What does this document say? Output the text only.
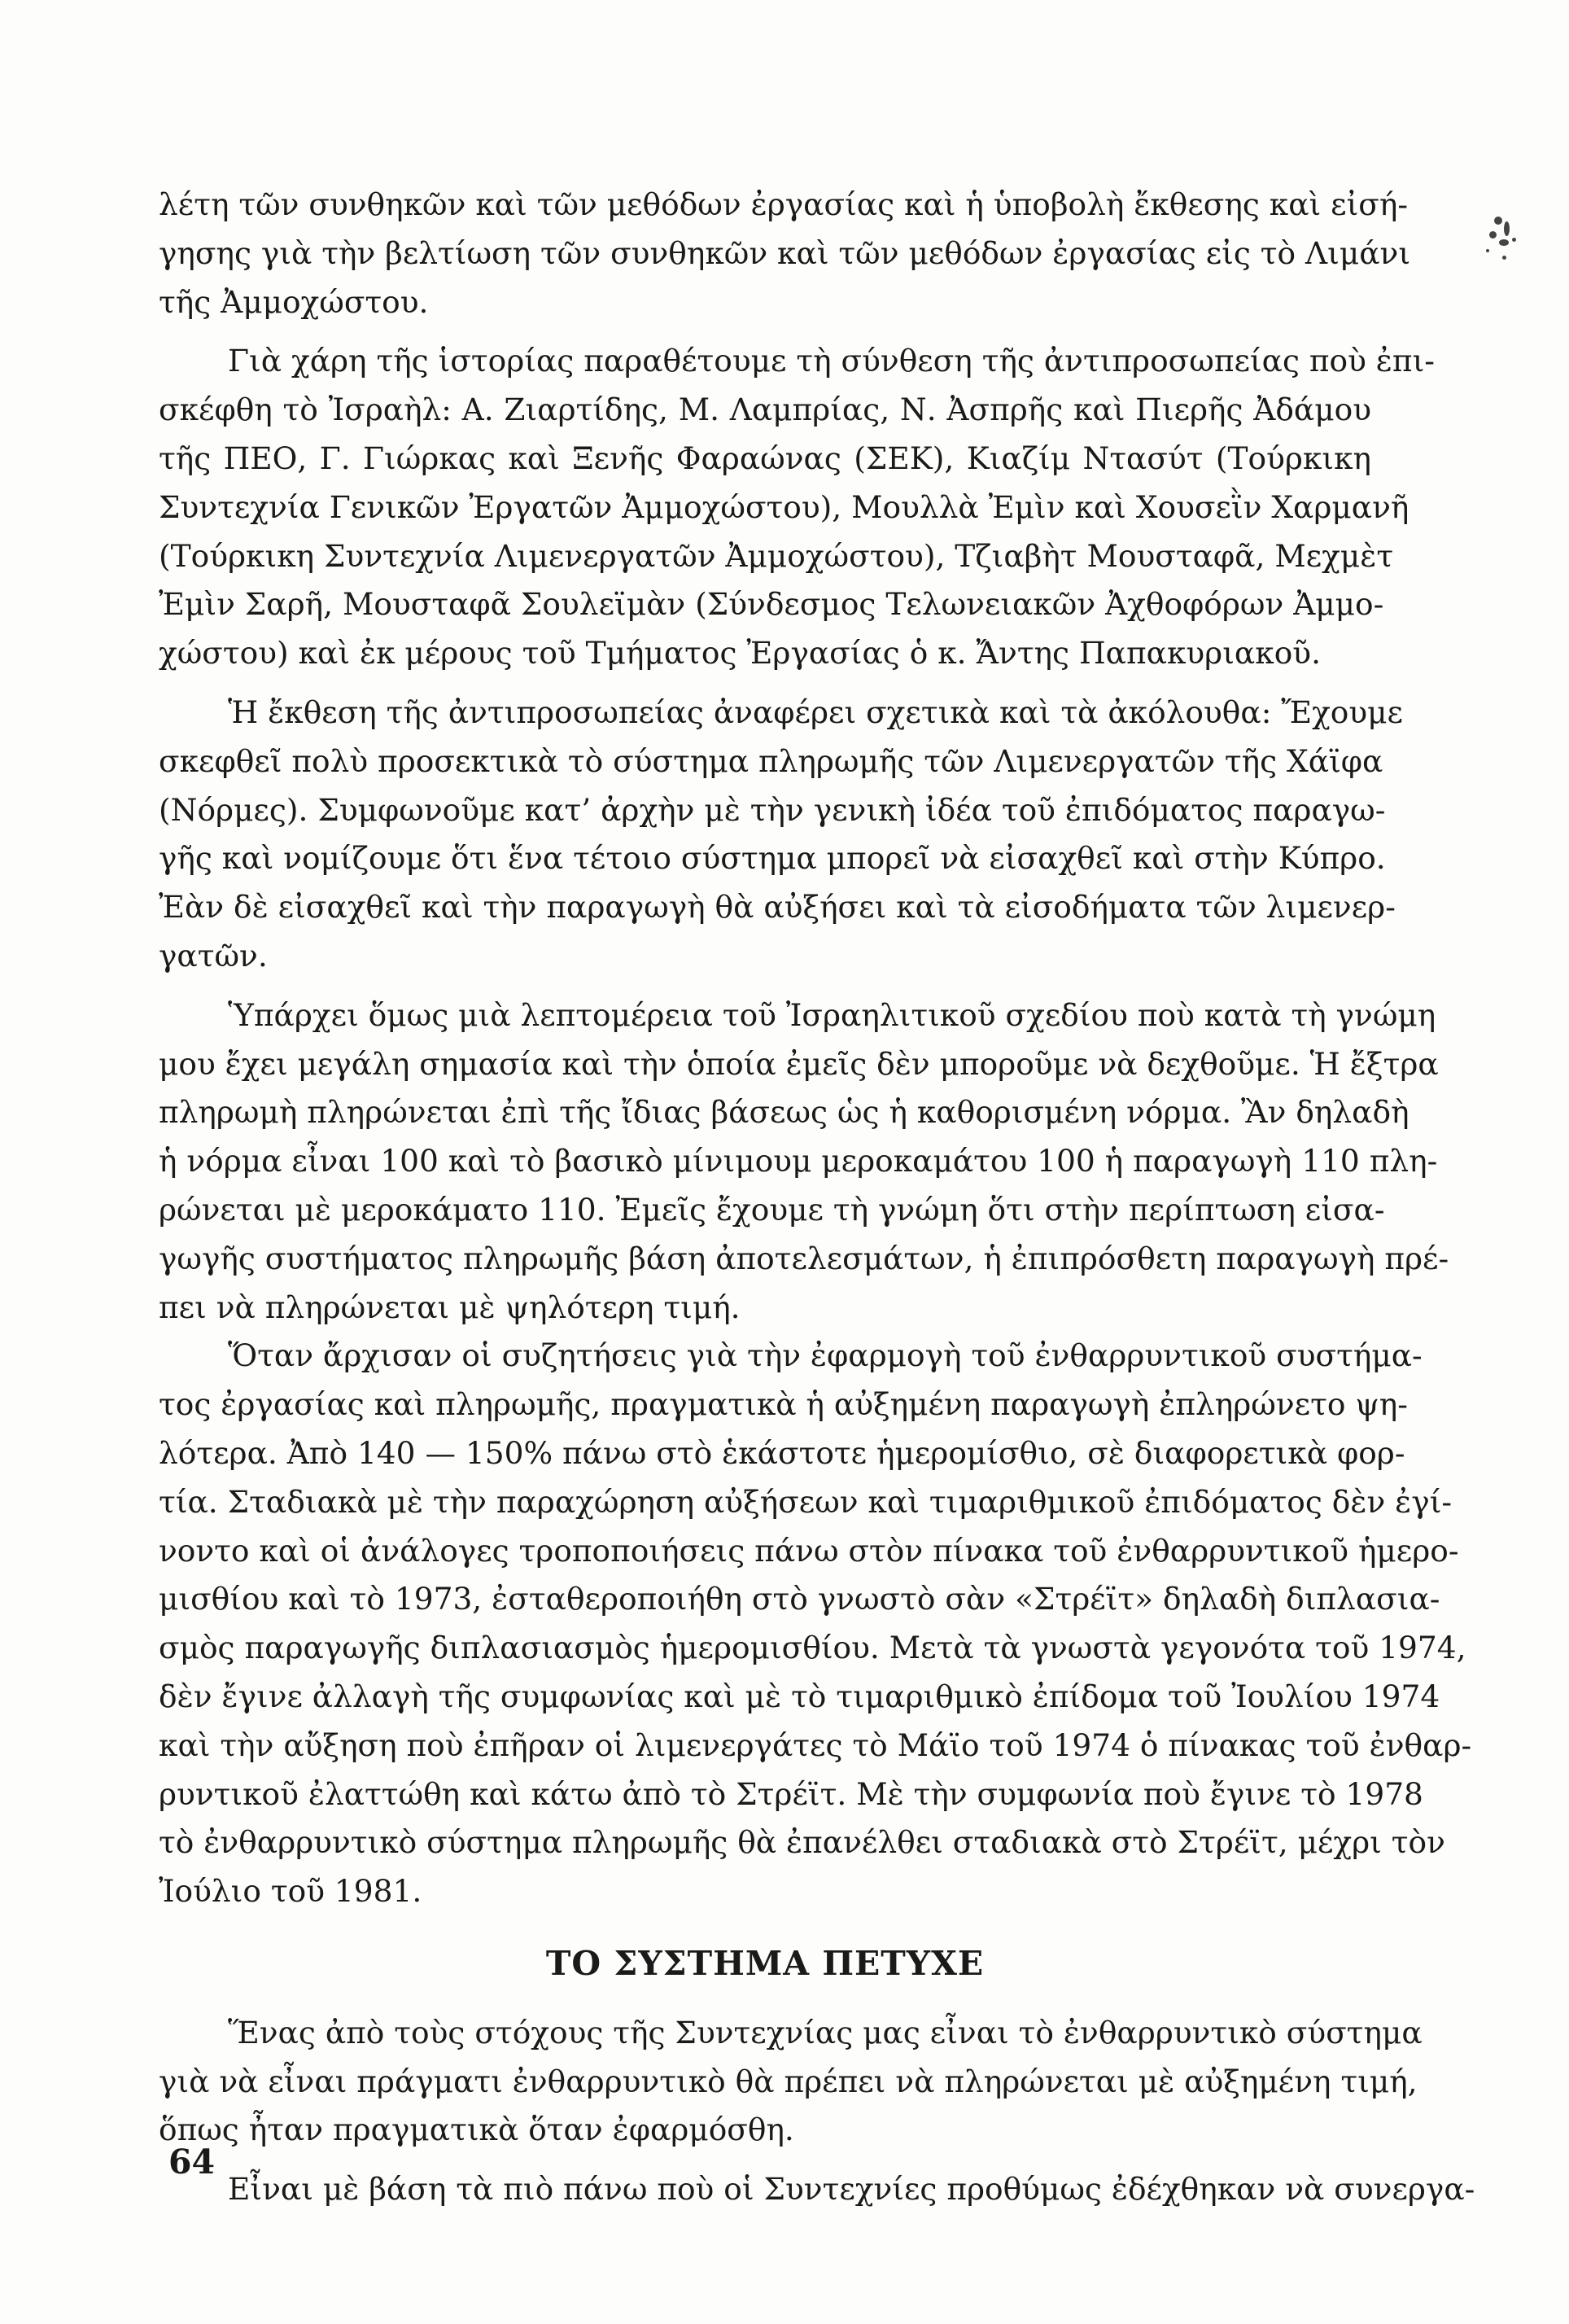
λέτη τῶν συνθηκῶν καὶ τῶν μεθόδων ἐργασίας καὶ ἡ ὑποβολὴ ἔκθεσης καὶ εἰσή-
γησης γιὰ τὴν βελτίωση τῶν συνθηκῶν καὶ τῶν μεθόδων ἐργασίας εἰς τὸ Λιμάνι
τῆς Ἀμμοχώστου.
Γιὰ χάρη τῆς ἱστορίας παραθέτουμε τὴ σύνθεση τῆς ἀντιπροσωπείας ποὺ ἐπι-
σκέφθη τὸ Ἰσραὴλ: Α. Ζιαρτίδης, Μ. Λαμπρίας, Ν. Ἀσπρῆς καὶ Πιερῆς Ἀδάμου
τῆς ΠΕΟ, Γ. Γιώρκας καὶ Ξενῆς Φαραώνας (ΣΕΚ), Κιαζίμ Ντασύτ (Τούρκικη
Συντεχνία Γενικῶν Ἐργατῶν Ἀμμοχώστου), Μουλλὰ Ἐμὶν καὶ Χουσεῒν Χαρμανῆ
(Τούρκικη Συντεχνία Λιμενεργατῶν Ἀμμοχώστου), Τζιαβὴτ Μουσταφᾶ, Μεχμὲτ
Ἐμὶν Σαρῆ, Μουσταφᾶ Σουλεϊμὰν (Σύνδεσμος Τελωνειακῶν Ἀχθοφόρων Ἀμμο-
χώστου) καὶ ἐκ μέρους τοῦ Τμήματος Ἐργασίας ὁ κ. Ἄντης Παπακυριακοῦ.
Ἡ ἔκθεση τῆς ἀντιπροσωπείας ἀναφέρει σχετικὰ καὶ τὰ ἀκόλουθα: Ἔχουμε
σκεφθεῖ πολὺ προσεκτικὰ τὸ σύστημα πληρωμῆς τῶν Λιμενεργατῶν τῆς Χάϊφα
(Νόρμες). Συμφωνοῦμε κατ’ ἀρχὴν μὲ τὴν γενικὴ ἰδέα τοῦ ἐπιδόματος παραγω-
γῆς καὶ νομίζουμε ὅτι ἕνα τέτοιο σύστημα μπορεῖ νὰ εἰσαχθεῖ καὶ στὴν Κύπρο.
Ἐὰν δὲ εἰσαχθεῖ καὶ τὴν παραγωγὴ θὰ αὐξήσει καὶ τὰ εἰσοδήματα τῶν λιμενερ-
γατῶν.
Ὑπάρχει ὅμως μιὰ λεπτομέρεια τοῦ Ἰσραηλιτικοῦ σχεδίου ποὺ κατὰ τὴ γνώμη
μου ἔχει μεγάλη σημασία καὶ τὴν ὁποία ἐμεῖς δὲν μποροῦμε νὰ δεχθοῦμε. Ἡ ἔξτρα
πληρωμὴ πληρώνεται ἐπὶ τῆς ἴδιας βάσεως ὡς ἡ καθορισμένη νόρμα. Ἂν δηλαδὴ
ἡ νόρμα εἶναι 100 καὶ τὸ βασικὸ μίνιμουμ μεροκαμάτου 100 ἡ παραγωγὴ 110 πλη-
ρώνεται μὲ μεροκάματο 110. Ἐμεῖς ἔχουμε τὴ γνώμη ὅτι στὴν περίπτωση εἰσα-
γωγῆς συστήματος πληρωμῆς βάση ἀποτελεσμάτων, ἡ ἐπιπρόσθετη παραγωγὴ πρέ-
πει νὰ πληρώνεται μὲ ψηλότερη τιμή.
Ὅταν ἄρχισαν οἱ συζητήσεις γιὰ τὴν ἐφαρμογὴ τοῦ ἐνθαρρυντικοῦ συστήμα-
τος ἐργασίας καὶ πληρωμῆς, πραγματικὰ ἡ αὐξημένη παραγωγὴ ἐπληρώνετο ψη-
λότερα. Ἀπὸ 140 — 150% πάνω στὸ ἑκάστοτε ἡμερομίσθιο, σὲ διαφορετικὰ φορ-
τία. Σταδιακὰ μὲ τὴν παραχώρηση αὐξήσεων καὶ τιμαριθμικοῦ ἐπιδόματος δὲν ἐγί-
νοντο καὶ οἱ ἀνάλογες τροποποιήσεις πάνω στὸν πίνακα τοῦ ἐνθαρρυντικοῦ ἡμερο-
μισθίου καὶ τὸ 1973, ἐσταθεροποιήθη στὸ γνωστὸ σὰν «Στρέϊτ» δηλαδὴ διπλασια-
σμὸς παραγωγῆς διπλασιασμὸς ἡμερομισθίου. Μετὰ τὰ γνωστὰ γεγονότα τοῦ 1974,
δὲν ἔγινε ἀλλαγὴ τῆς συμφωνίας καὶ μὲ τὸ τιμαριθμικὸ ἐπίδομα τοῦ Ἰουλίου 1974
καὶ τὴν αὔξηση ποὺ ἐπῆραν οἱ λιμενεργάτες τὸ Μάϊο τοῦ 1974 ὁ πίνακας τοῦ ἐνθαρ-
ρυντικοῦ ἐλαττώθη καὶ κάτω ἀπὸ τὸ Στρέϊτ. Μὲ τὴν συμφωνία ποὺ ἔγινε τὸ 1978
τὸ ἐνθαρρυντικὸ σύστημα πληρωμῆς θὰ ἐπανέλθει σταδιακὰ στὸ Στρέϊτ, μέχρι τὸν
Ἰούλιο τοῦ 1981.
ΤΟ ΣΥΣΤΗΜΑ ΠΕΤΥΧΕ
Ἕνας ἀπὸ τοὺς στόχους τῆς Συντεχνίας μας εἶναι τὸ ἐνθαρρυντικὸ σύστημα
γιὰ νὰ εἶναι πράγματι ἐνθαρρυντικὸ θὰ πρέπει νὰ πληρώνεται μὲ αὐξημένη τιμή,
ὅπως ἦταν πραγματικὰ ὅταν ἐφαρμόσθη.
Εἶναι μὲ βάση τὰ πιὸ πάνω ποὺ οἱ Συντεχνίες προθύμως ἐδέχθηκαν νὰ συνεργα-
64
